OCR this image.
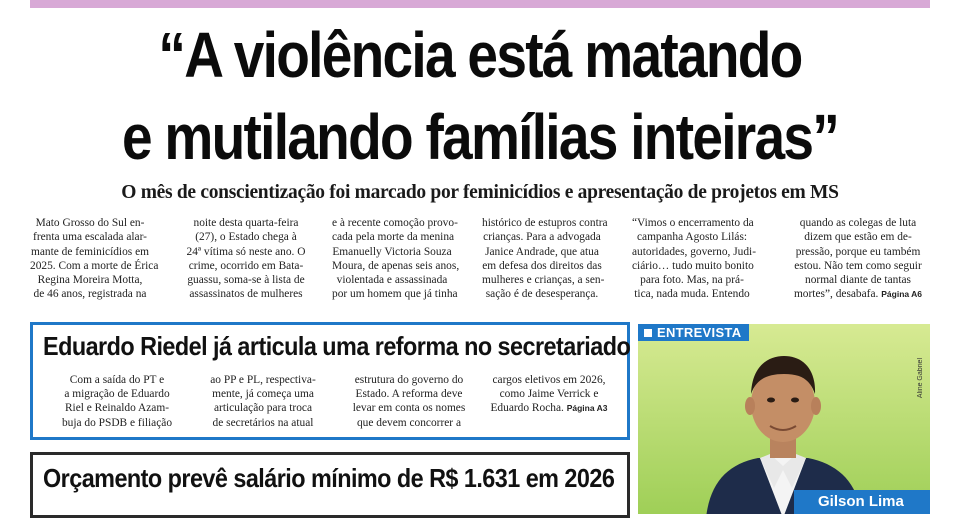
“A violência está matando
e mutilando famílias inteiras”
O mês de conscientização foi marcado por feminicídios e apresentação de projetos em MS
Mato Grosso do Sul en-
frenta uma escalada alar-
mante de feminicídios em
2025. Com a morte de Érica
Regina Moreira Motta,
de 46 anos, registrada na
noite desta quarta-feira
(27), o Estado chega à
24ª vítima só neste ano. O
crime, ocorrido em Bata-
guassu, soma-se à lista de
assassinatos de mulheres
e à recente comoção provo-
cada pela morte da menina
Emanuelly Victoria Souza
Moura, de apenas seis anos,
violentada e assassinada
por um homem que já tinha
histórico de estupros contra
crianças. Para a advogada
Janice Andrade, que atua
em defesa dos direitos das
mulheres e crianças, a sen-
sação é de desesperança.
“Vimos o encerramento da
campanha Agosto Lilás:
autoridades, governo, Judi-
ciário… tudo muito bonito
para foto. Mas, na prá-
tica, nada muda. Entendo
quando as colegas de luta
dizem que estão em de-
pressão, porque eu também
estou. Não tem como seguir
normal diante de tantas
mortes”, desabafa. Página A6
Eduardo Riedel já articula uma reforma no secretariado
Com a saída do PT e
a migração de Eduardo
Riel e Reinaldo Azam-
buja do PSDB e filiação
ao PP e PL, respectiva-
mente, já começa uma
articulação para troca
de secretários na atual
estrutura do governo do
Estado. A reforma deve
levar em conta os nomes
que devem concorrer a
cargos eletivos em 2026,
como Jaime Verrick e
Eduardo Rocha. Página A3
Orçamento prevê salário mínimo de R$ 1.631 em 2026
ENTREVISTA
Aline Gabriel
Gilson Lima
